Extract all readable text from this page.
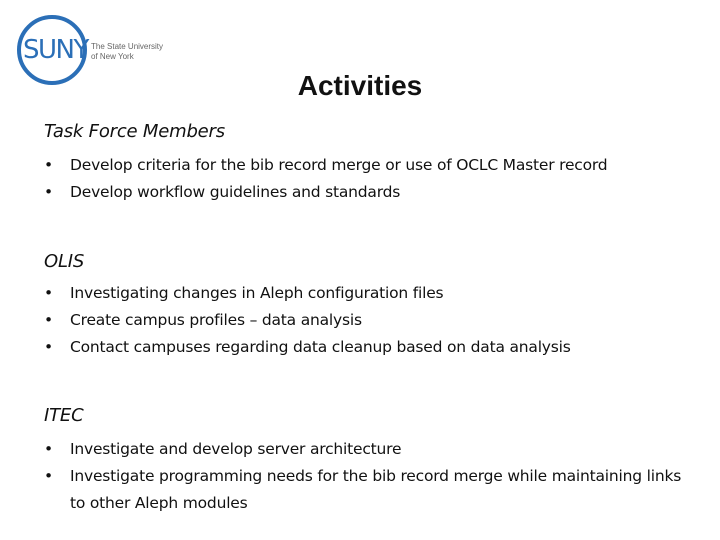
SUNY The State University
of New York
Activities
Task Force Members
• Develop criteria for the bib record merge or use of OCLC Master record
• Develop workflow guidelines and standards
OLIS
• Investigating changes in Aleph configuration files
• Create campus profiles – data analysis
• Contact campuses regarding data cleanup based on data analysis
ITEC
• Investigate and develop server architecture
• Investigate programming needs for the bib record merge while maintaining links to other Aleph modules
